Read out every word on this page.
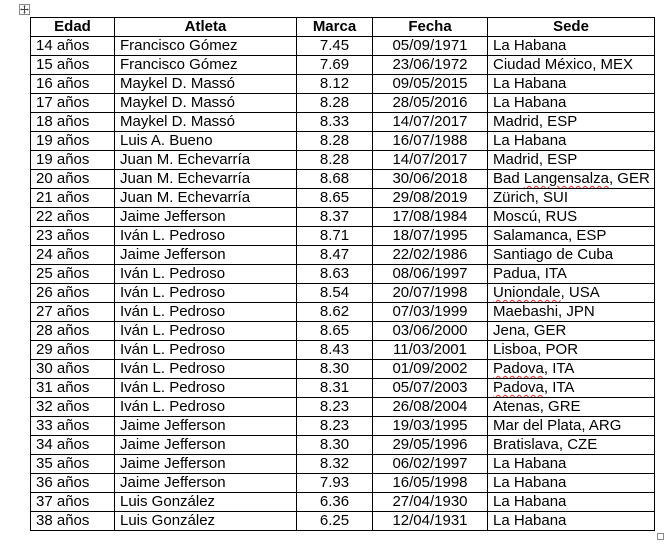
Edad	Atleta	Marca	Fecha	Sede
14 años	Francisco Gómez	7.45	05/09/1971	La Habana
15 años	Francisco Gómez	7.69	23/06/1972	Ciudad México, MEX
16 años	Maykel D. Massó	8.12	09/05/2015	La Habana
17 años	Maykel D. Massó	8.28	28/05/2016	La Habana
18 años	Maykel D. Massó	8.33	14/07/2017	Madrid, ESP
19 años	Luis A. Bueno	8.28	16/07/1988	La Habana
19 años	Juan M. Echevarría	8.28	14/07/2017	Madrid, ESP
20 años	Juan M. Echevarría	8.68	30/06/2018	Bad Langensalza, GER
21 años	Juan M. Echevarría	8.65	29/08/2019	Zürich, SUI
22 años	Jaime Jefferson	8.37	17/08/1984	Moscú, RUS
23 años	Iván L. Pedroso	8.71	18/07/1995	Salamanca, ESP
24 años	Jaime Jefferson	8.47	22/02/1986	Santiago de Cuba
25 años	Iván L. Pedroso	8.63	08/06/1997	Padua, ITA
26 años	Iván L. Pedroso	8.54	20/07/1998	Uniondale, USA
27 años	Iván L. Pedroso	8.62	07/03/1999	Maebashi, JPN
28 años	Iván L. Pedroso	8.65	03/06/2000	Jena, GER
29 años	Iván L. Pedroso	8.43	11/03/2001	Lisboa, POR
30 años	Iván L. Pedroso	8.30	01/09/2002	Padova, ITA
31 años	Iván L. Pedroso	8.31	05/07/2003	Padova, ITA
32 años	Iván L. Pedroso	8.23	26/08/2004	Atenas, GRE
33 años	Jaime Jefferson	8.23	19/03/1995	Mar del Plata, ARG
34 años	Jaime Jefferson	8.30	29/05/1996	Bratislava, CZE
35 años	Jaime Jefferson	8.32	06/02/1997	La Habana
36 años	Jaime Jefferson	7.93	16/05/1998	La Habana
37 años	Luis González	6.36	27/04/1930	La Habana
38 años	Luis González	6.25	12/04/1931	La Habana
